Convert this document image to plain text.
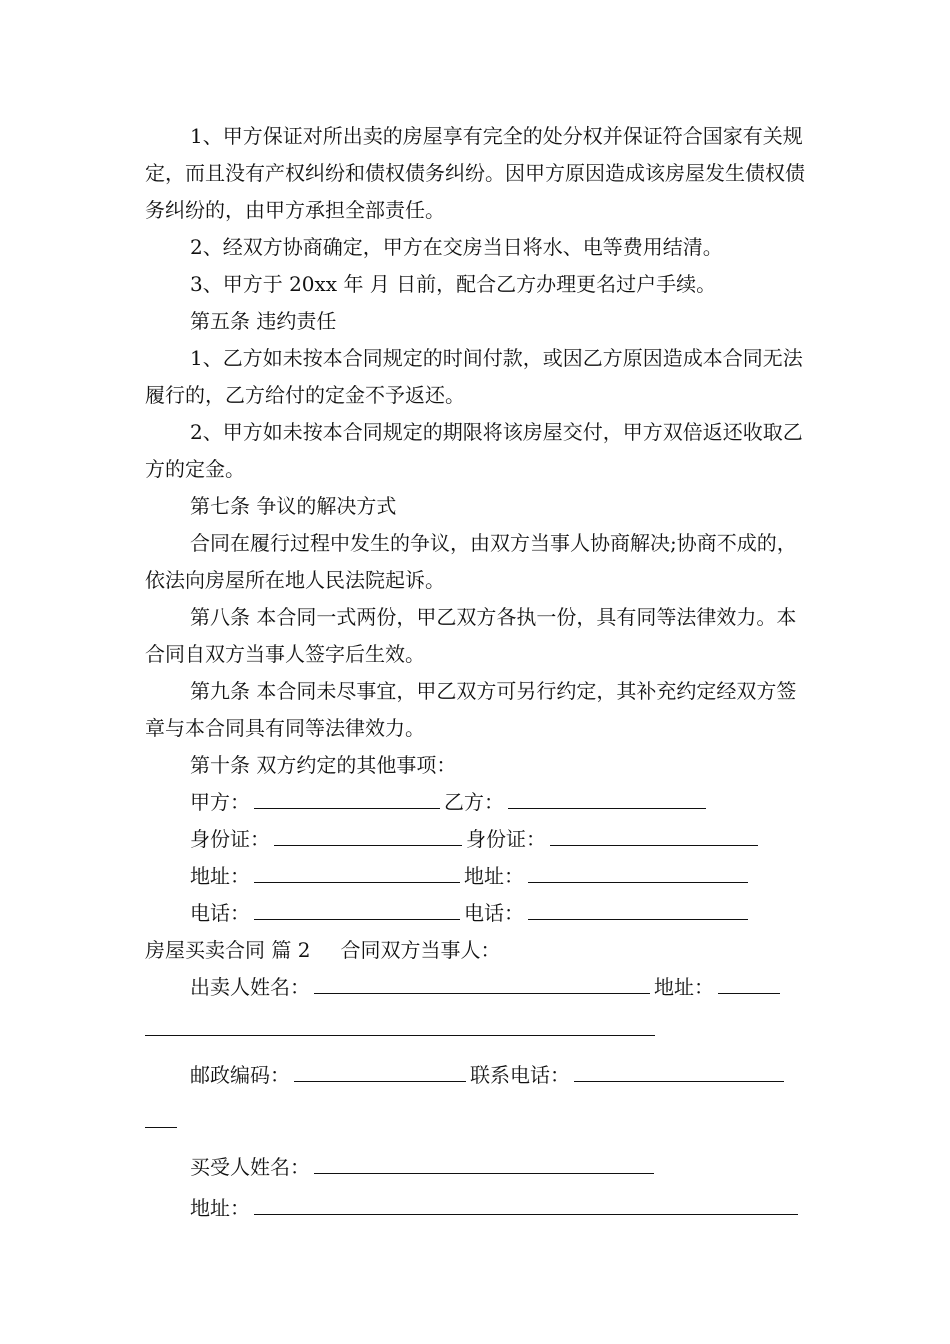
1、甲方保证对所出卖的房屋享有完全的处分权并保证符合国家有关规定，而且没有产权纠纷和债权债务纠纷。因甲方原因造成该房屋发生债权债务纠纷的，由甲方承担全部责任。

2、经双方协商确定，甲方在交房当日将水、电等费用结清。

3、甲方于 20xx 年 月 日前，配合乙方办理更名过户手续。

第五条 违约责任

1、乙方如未按本合同规定的时间付款，或因乙方原因造成本合同无法履行的，乙方给付的定金不予返还。

2、甲方如未按本合同规定的期限将该房屋交付，甲方双倍返还收取乙方的定金。

第七条 争议的解决方式

合同在履行过程中发生的争议，由双方当事人协商解决;协商不成的，依法向房屋所在地人民法院起诉。

第八条 本合同一式两份，甲乙双方各执一份，具有同等法律效力。本合同自双方当事人签字后生效。

第九条 本合同未尽事宜，甲乙双方可另行约定，其补充约定经双方签章与本合同具有同等法律效力。

第十条 双方约定的其他事项：

甲方：	乙方：
身份证：	身份证：
地址：	地址：
电话：	电话：
房屋买卖合同 篇 2 合同双方当事人：
出卖人姓名：	地址：
邮政编码：	联系电话：
买受人姓名：
地址：
